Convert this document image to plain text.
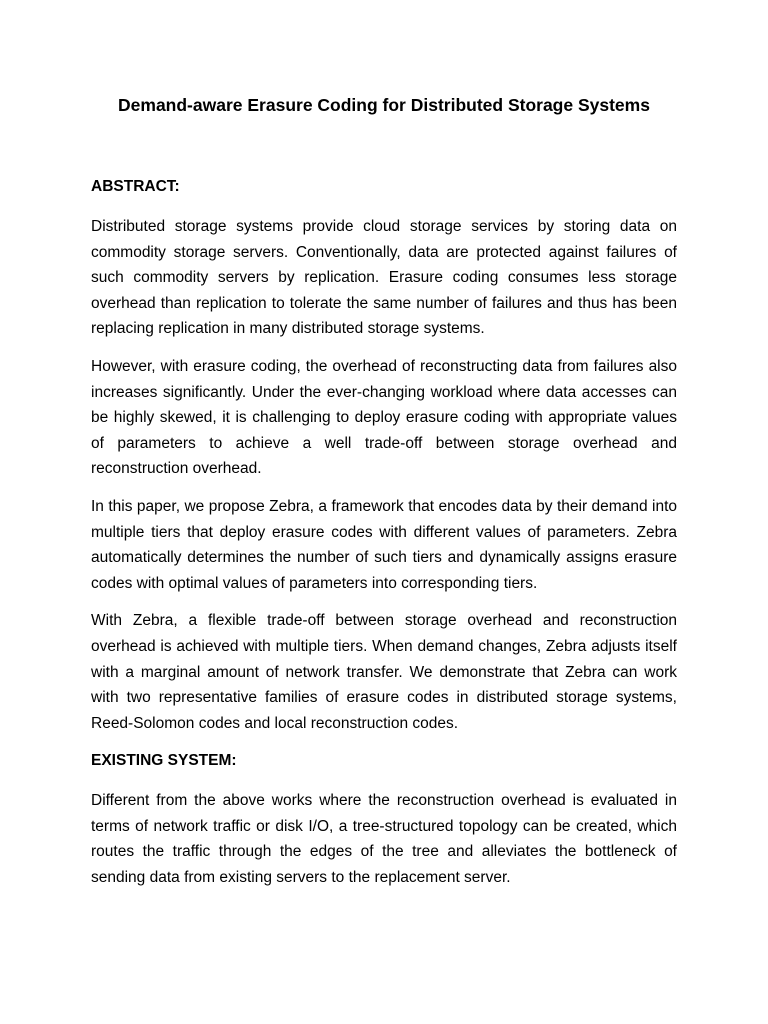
Demand-aware Erasure Coding for Distributed Storage Systems
ABSTRACT:

Distributed storage systems provide cloud storage services by storing data on commodity storage servers. Conventionally, data are protected against failures of such commodity servers by replication. Erasure coding consumes less storage overhead than replication to tolerate the same number of failures and thus has been replacing replication in many distributed storage systems.

However, with erasure coding, the overhead of reconstructing data from failures also increases significantly. Under the ever-changing workload where data accesses can be highly skewed, it is challenging to deploy erasure coding with appropriate values of parameters to achieve a well trade-off between storage overhead and reconstruction overhead.

In this paper, we propose Zebra, a framework that encodes data by their demand into multiple tiers that deploy erasure codes with different values of parameters. Zebra automatically determines the number of such tiers and dynamically assigns erasure codes with optimal values of parameters into corresponding tiers.

With Zebra, a flexible trade-off between storage overhead and reconstruction overhead is achieved with multiple tiers. When demand changes, Zebra adjusts itself with a marginal amount of network transfer. We demonstrate that Zebra can work with two representative families of erasure codes in distributed storage systems, Reed-Solomon codes and local reconstruction codes.

EXISTING SYSTEM:

Different from the above works where the reconstruction overhead is evaluated in terms of network traffic or disk I/O, a tree-structured topology can be created, which routes the traffic through the edges of the tree and alleviates the bottleneck of sending data from existing servers to the replacement server.
